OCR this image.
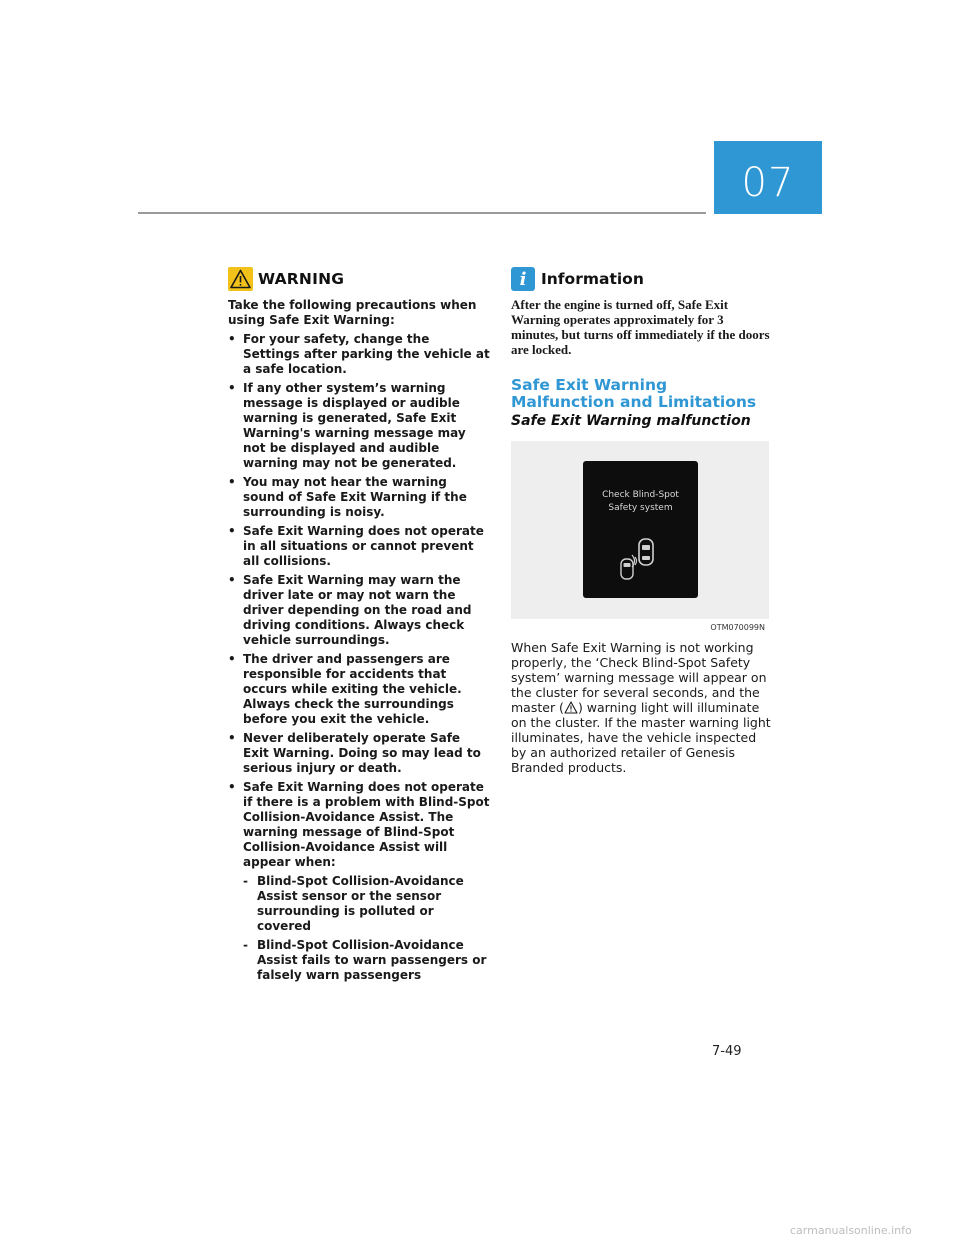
07
WARNING
Take the following precautions when using Safe Exit Warning:
• For your safety, change the Settings after parking the vehicle at a safe location.
• If any other system’s warning message is displayed or audible warning is generated, Safe Exit Warning's warning message may not be displayed and audible warning may not be generated.
• You may not hear the warning sound of Safe Exit Warning if the surrounding is noisy.
• Safe Exit Warning does not operate in all situations or cannot prevent all collisions.
• Safe Exit Warning may warn the driver late or may not warn the driver depending on the road and driving conditions. Always check vehicle surroundings.
• The driver and passengers are responsible for accidents that occurs while exiting the vehicle. Always check the surroundings before you exit the vehicle.
• Never deliberately operate Safe Exit Warning. Doing so may lead to serious injury or death.
• Safe Exit Warning does not operate if there is a problem with Blind-Spot Collision-Avoidance Assist. The warning message of Blind-Spot Collision-Avoidance Assist will appear when:
- Blind-Spot Collision-Avoidance Assist sensor or the sensor surrounding is polluted or covered
- Blind-Spot Collision-Avoidance Assist fails to warn passengers or falsely warn passengers
i Information
After the engine is turned off, Safe Exit Warning operates approximately for 3 minutes, but turns off immediately if the doors are locked.
Safe Exit Warning Malfunction and Limitations
Safe Exit Warning malfunction
Check Blind-Spot
Safety system
OTM070099N
When Safe Exit Warning is not working properly, the ‘Check Blind-Spot Safety system’ warning message will appear on the cluster for several seconds, and the master ( ) warning light will illuminate on the cluster. If the master warning light illuminates, have the vehicle inspected by an authorized retailer of Genesis Branded products.
7-49
carmanualsonline.info
